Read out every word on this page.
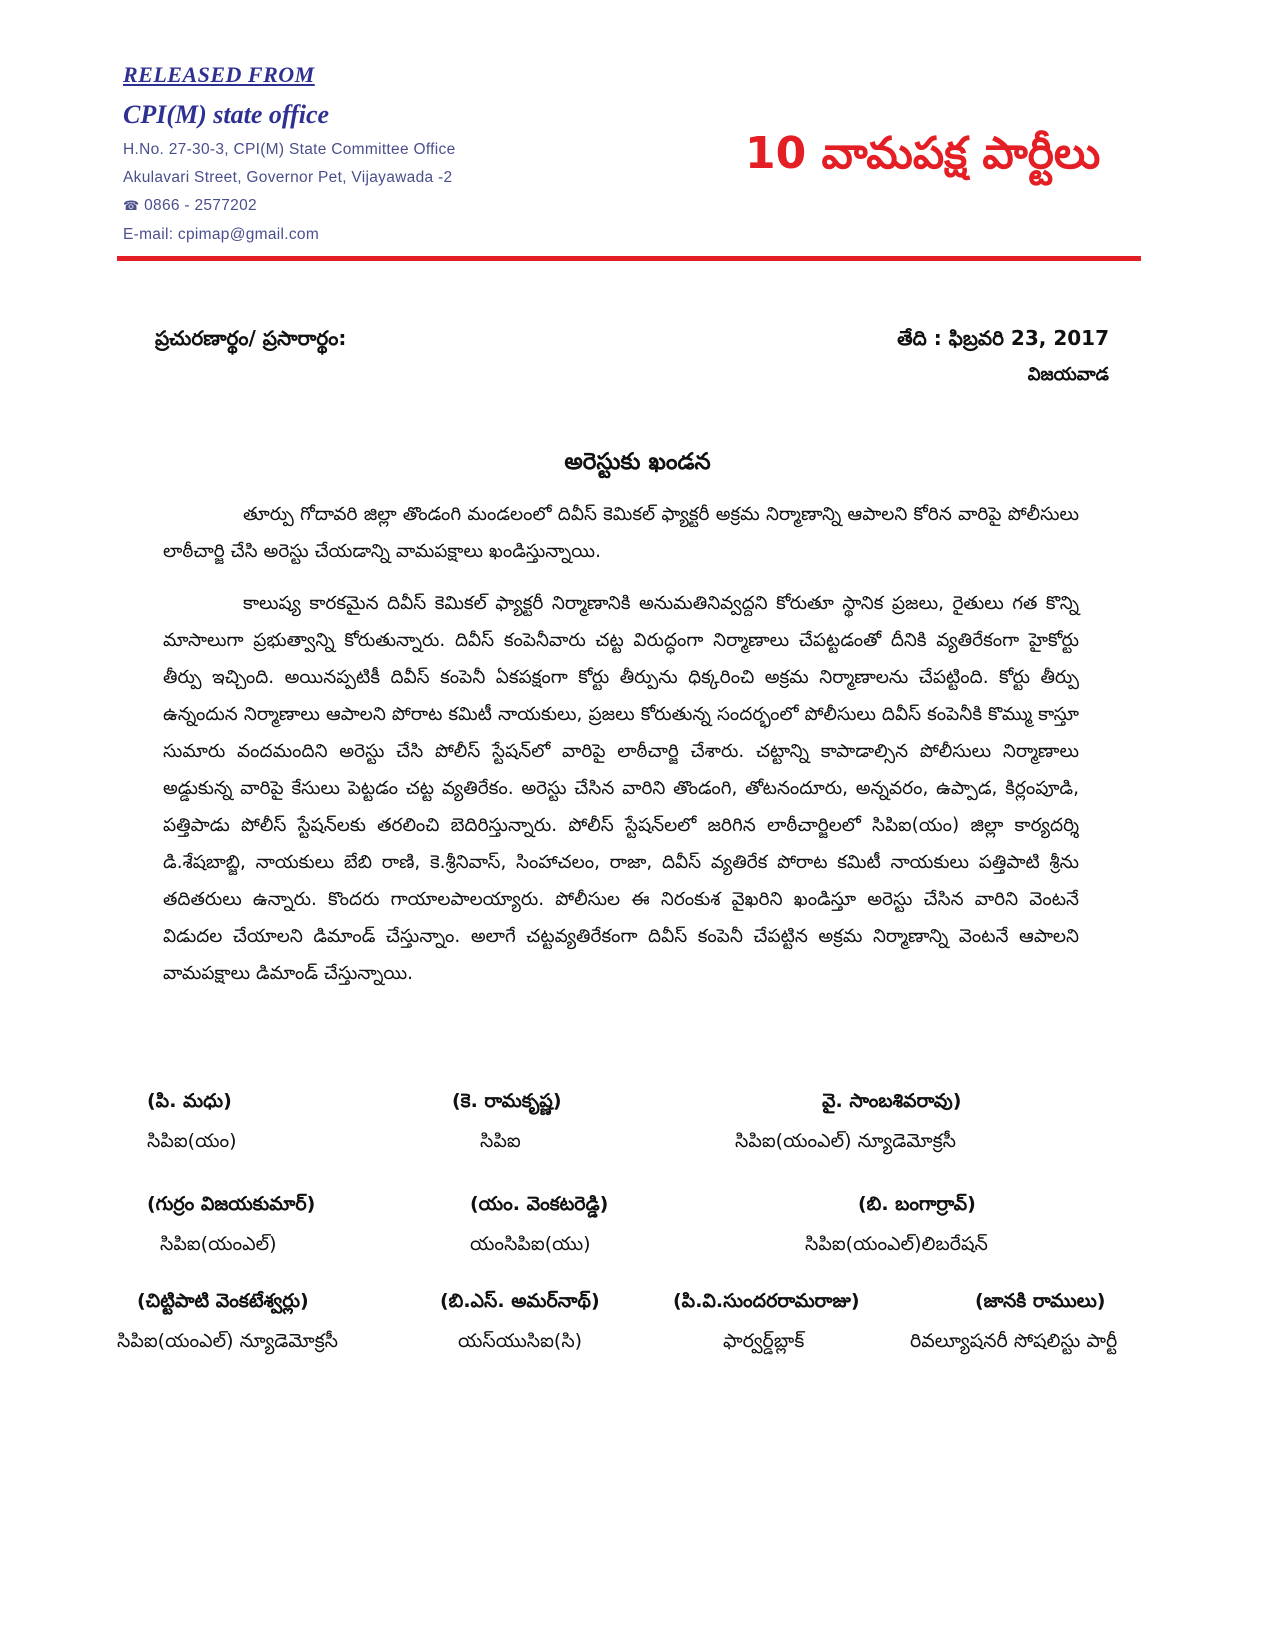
RELEASED FROM
CPI(M) state office
H.No. 27-30-3, CPI(M) State Committee Office
Akulavari Street, Governor Pet, Vijayawada -2
☎ 0866 - 2577202
E-mail: cpimap@gmail.com
10 వామపక్ష పార్టీలు
ప్రచురణార్థం/ ప్రసారార్థం:	తేది : ఫిబ్రవరి 23, 2017
విజయవాడ
అరెస్టుకు ఖండన

తూర్పు గోదావరి జిల్లా తొండంగి మండలంలో దివీస్ కెమికల్ ఫ్యాక్టరీ అక్రమ నిర్మాణాన్ని ఆపాలని కోరిన వారిపై పోలీసులు లాఠీచార్జి చేసి అరెస్టు చేయడాన్ని వామపక్షాలు ఖండిస్తున్నాయి.

కాలుష్య కారకమైన దివీస్ కెమికల్ ఫ్యాక్టరీ నిర్మాణానికి అనుమతినివ్వద్దని కోరుతూ స్థానిక ప్రజలు, రైతులు గత కొన్ని మాసాలుగా ప్రభుత్వాన్ని కోరుతున్నారు. దివీస్ కంపెనీవారు చట్ట విరుద్ధంగా నిర్మాణాలు చేపట్టడంతో దీనికి వ్యతిరేకంగా హైకోర్టు తీర్పు ఇచ్చింది. అయినప్పటికీ దివీస్ కంపెనీ ఏకపక్షంగా కోర్టు తీర్పును ధిక్కరించి అక్రమ నిర్మాణాలను చేపట్టింది. కోర్టు తీర్పు ఉన్నందున నిర్మాణాలు ఆపాలని పోరాట కమిటీ నాయకులు, ప్రజలు కోరుతున్న సందర్భంలో పోలీసులు దివీస్ కంపెనీకి కొమ్ము కాస్తూ సుమారు వందమందిని అరెస్టు చేసి పోలీస్ స్టేషన్‌లో వారిపై లాఠీచార్జి చేశారు. చట్టాన్ని కాపాడాల్సిన పోలీసులు నిర్మాణాలు అడ్డుకున్న వారిపై కేసులు పెట్టడం చట్ట వ్యతిరేకం. అరెస్టు చేసిన వారిని తొండంగి, తోటనందూరు, అన్నవరం, ఉప్పాడ, కిర్లంపూడి, పత్తిపాడు పోలీస్ స్టేషన్‌లకు తరలించి బెదిరిస్తున్నారు. పోలీస్ స్టేషన్‌లలో జరిగిన లాఠీచార్జిలలో సిపిఐ(యం) జిల్లా కార్యదర్శి డి.శేషబాబ్జి, నాయకులు బేబి రాణి, కె.శ్రీనివాస్, సింహాచలం, రాజా, దివీస్ వ్యతిరేక పోరాట కమిటీ నాయకులు పత్తిపాటి శ్రీను తదితరులు ఉన్నారు. కొందరు గాయాలపాలయ్యారు. పోలీసుల ఈ నిరంకుశ వైఖరిని ఖండిస్తూ అరెస్టు చేసిన వారిని వెంటనే విడుదల చేయాలని డిమాండ్ చేస్తున్నాం. అలాగే చట్టవ్యతిరేకంగా దివీస్ కంపెనీ చేపట్టిన అక్రమ నిర్మాణాన్ని వెంటనే ఆపాలని వామపక్షాలు డిమాండ్ చేస్తున్నాయి.

(పి. మధు)
సిపిఐ(యం)
(కె. రామకృష్ణ)
సిపిఐ
వై. సాంబశివరావు)
సిపిఐ(యంఎల్) న్యూడెమోక్రసీ
(గుర్రం విజయకుమార్)
సిపిఐ(యంఎల్)
(యం. వెంకటరెడ్డి)
యంసిపిఐ(యు)
(బి. బంగార్రావ్)
సిపిఐ(యంఎల్)లిబరేషన్
(చిట్టిపాటి వెంకటేశ్వర్లు)
సిపిఐ(యంఎల్) న్యూడెమోక్రసీ
(బి.ఎస్. అమర్‌నాథ్)
యస్‌యుసిఐ(సి)
(పి.వి.సుందరరామరాజు)
ఫార్వర్డ్‌బ్లాక్
(జానకి రాములు)
రివల్యూషనరీ సోషలిస్టు పార్టీ
